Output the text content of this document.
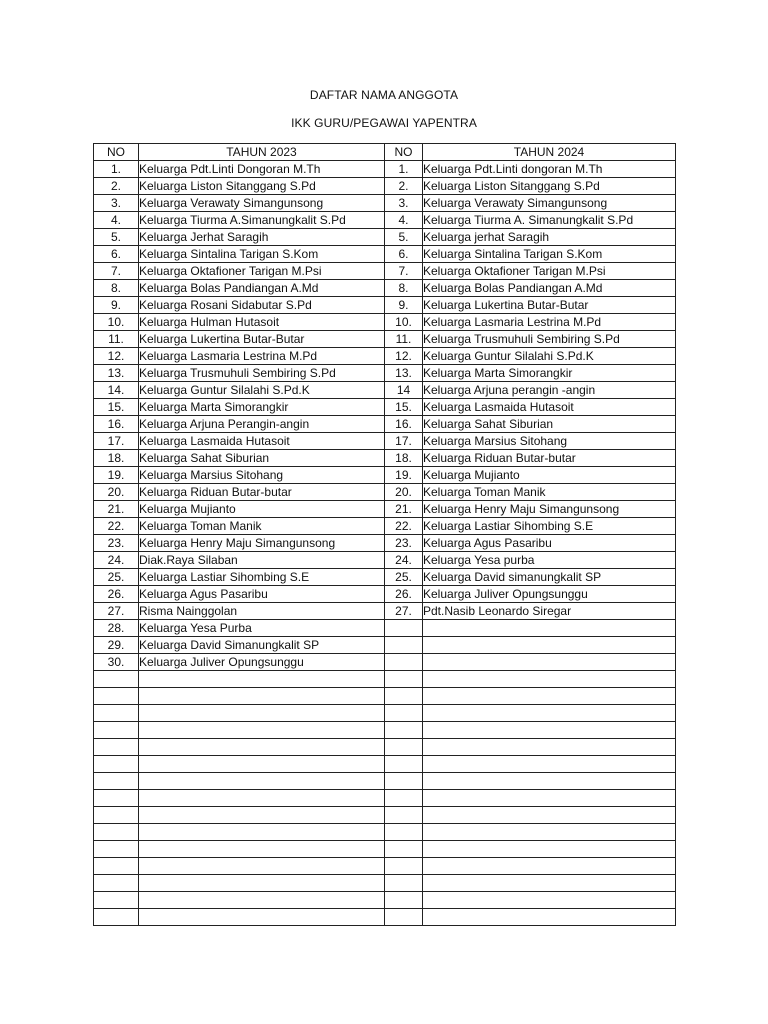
DAFTAR NAMA ANGGOTA
IKK GURU/PEGAWAI YAPENTRA
NO	TAHUN 2023	NO	TAHUN 2024
1.	Keluarga Pdt.Linti Dongoran M.Th	1.	Keluarga Pdt.Linti dongoran M.Th
2.	Keluarga Liston Sitanggang S.Pd	2.	Keluarga Liston Sitanggang S.Pd
3.	Keluarga Verawaty Simangunsong	3.	Keluarga Verawaty Simangunsong
4.	Keluarga Tiurma A.Simanungkalit S.Pd	4.	Keluarga Tiurma A. Simanungkalit S.Pd
5.	Keluarga Jerhat Saragih	5.	Keluarga jerhat Saragih
6.	Keluarga Sintalina Tarigan S.Kom	6.	Keluarga Sintalina Tarigan S.Kom
7.	Keluarga Oktafioner Tarigan M.Psi	7.	Keluarga Oktafioner Tarigan M.Psi
8.	Keluarga Bolas Pandiangan A.Md	8.	Keluarga Bolas Pandiangan A.Md
9.	Keluarga Rosani Sidabutar S.Pd	9.	Keluarga Lukertina Butar-Butar
10.	Keluarga Hulman Hutasoit	10.	Keluarga Lasmaria Lestrina M.Pd
11.	Keluarga Lukertina Butar-Butar	11.	Keluarga Trusmuhuli Sembiring S.Pd
12.	Keluarga Lasmaria Lestrina M.Pd	12.	Keluarga Guntur Silalahi S.Pd.K
13.	Keluarga Trusmuhuli Sembiring S.Pd	13.	Keluarga Marta Simorangkir
14.	Keluarga Guntur Silalahi S.Pd.K	14	Keluarga Arjuna perangin -angin
15.	Keluarga Marta Simorangkir	15.	Keluarga Lasmaida Hutasoit
16.	Keluarga Arjuna Perangin-angin	16.	Keluarga Sahat Siburian
17.	Keluarga Lasmaida Hutasoit	17.	Keluarga Marsius Sitohang
18.	Keluarga Sahat Siburian	18.	Keluarga Riduan Butar-butar
19.	Keluarga Marsius Sitohang	19.	Keluarga Mujianto
20.	Keluarga Riduan Butar-butar	20.	Keluarga Toman Manik
21.	Keluarga Mujianto	21.	Keluarga Henry Maju Simangunsong
22.	Keluarga Toman Manik	22.	Keluarga Lastiar Sihombing S.E
23.	Keluarga Henry Maju Simangunsong	23.	Keluarga Agus Pasaribu
24.	Diak.Raya Silaban	24.	Keluarga Yesa purba
25.	Keluarga Lastiar Sihombing S.E	25.	Keluarga David simanungkalit SP
26.	Keluarga Agus Pasaribu	26.	Keluarga Juliver Opungsunggu
27.	Risma Nainggolan	27.	Pdt.Nasib Leonardo Siregar
28.	Keluarga Yesa Purba		
29.	Keluarga David Simanungkalit SP		
30.	Keluarga Juliver Opungsunggu		
